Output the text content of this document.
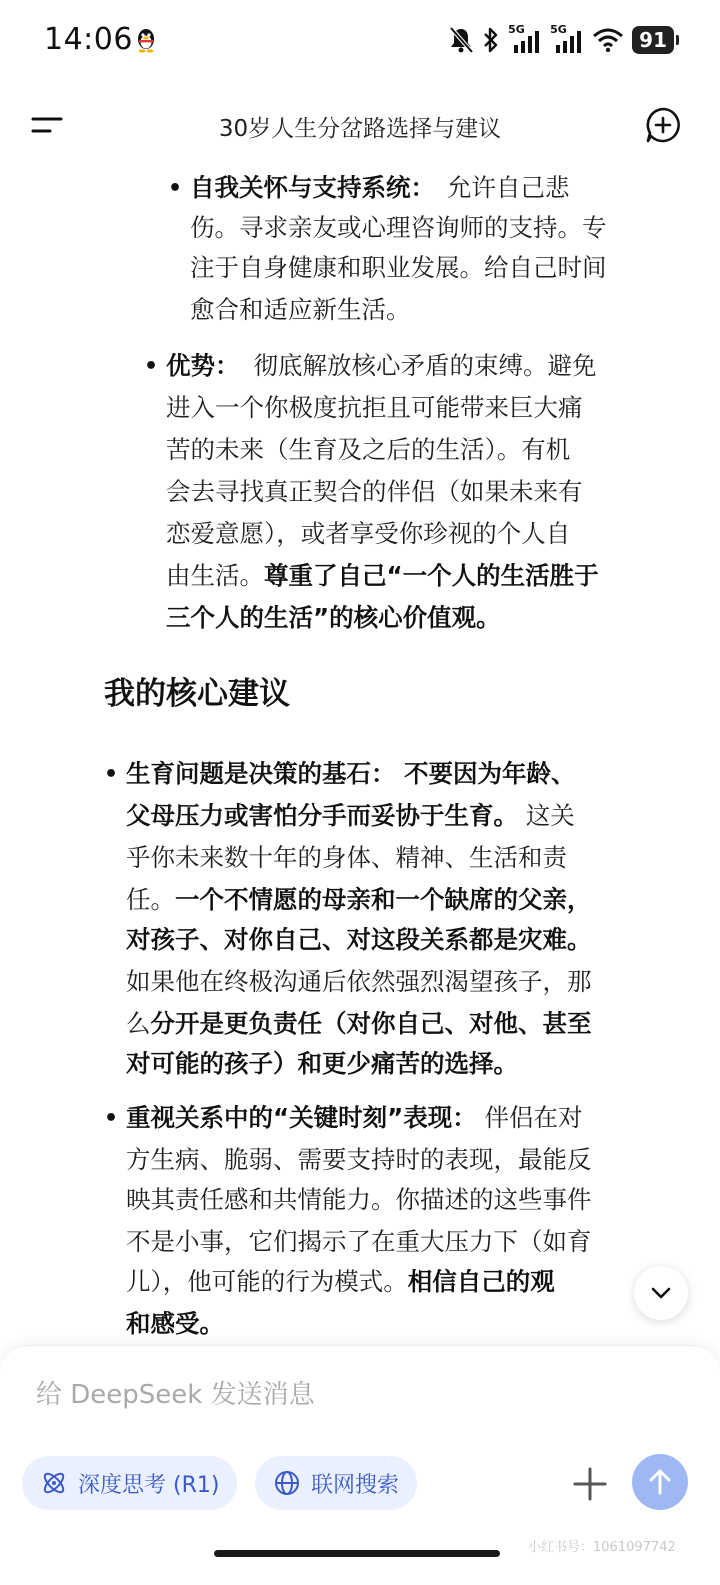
14:06	5G 5G	91
30岁人生分岔路选择与建议
• 自我关怀与支持系统： 允许自己悲
伤。寻求亲友或心理咨询师的支持。专
注于自身健康和职业发展。给自己时间
愈合和适应新生活。
• 优势： 彻底解放核心矛盾的束缚。避免
进入一个你极度抗拒且可能带来巨大痛
苦的未来（生育及之后的生活）。有机
会去寻找真正契合的伴侣（如果未来有
恋爱意愿），或者享受你珍视的个人自
由生活。尊重了自己“一个人的生活胜于
三个人的生活”的核心价值观。
我的核心建议
• 生育问题是决策的基石： 不要因为年龄、
父母压力或害怕分手而妥协于生育。 这关
乎你未来数十年的身体、精神、生活和责
任。一个不情愿的母亲和一个缺席的父亲，
对孩子、对你自己、对这段关系都是灾难。
如果他在终极沟通后依然强烈渴望孩子，那
么分开是更负责任（对你自己、对他、甚至
对可能的孩子）和更少痛苦的选择。
• 重视关系中的“关键时刻”表现： 伴侣在对
方生病、脆弱、需要支持时的表现，最能反
映其责任感和共情能力。你描述的这些事件
不是小事，它们揭示了在重大压力下（如育
儿），他可能的行为模式。相信自己的观
和感受。
给 DeepSeek 发送消息
深度思考 (R1)	联网搜索
小红书号：1061097742
